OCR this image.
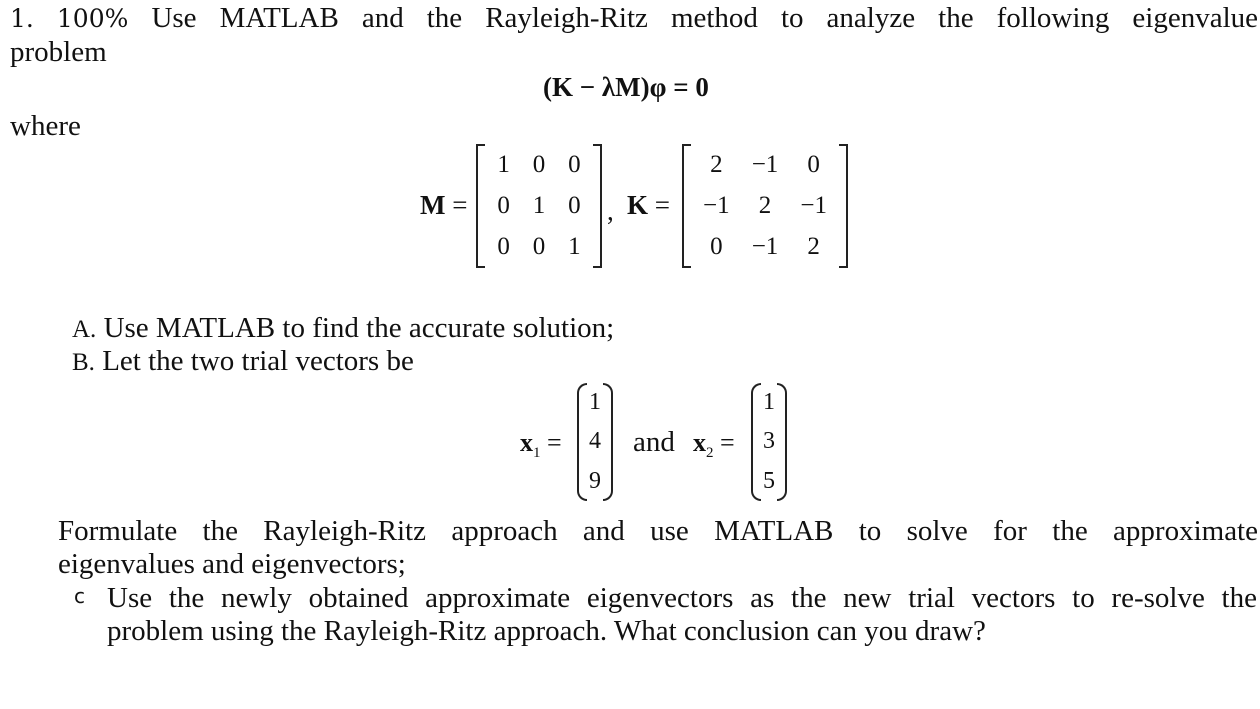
1. 100% Use MATLAB and the Rayleigh-Ritz method to analyze the following eigenvalue
problem
(K − λM)φ = 0
where
M =
1 0 0
0 1 0
0 0 1
, K =
2 −1 0
−1 2 −1
0 −1 2
A. Use MATLAB to find the accurate solution;
B. Let the two trial vectors be
$x_1$ =
1
4
9
and $x_2$ =
1
3
5
Formulate the Rayleigh-Ritz approach and use MATLAB to solve for the approximate
eigenvalues and eigenvectors;
c Use the newly obtained approximate eigenvectors as the new trial vectors to re-solve the
problem using the Rayleigh-Ritz approach. What conclusion can you draw?
